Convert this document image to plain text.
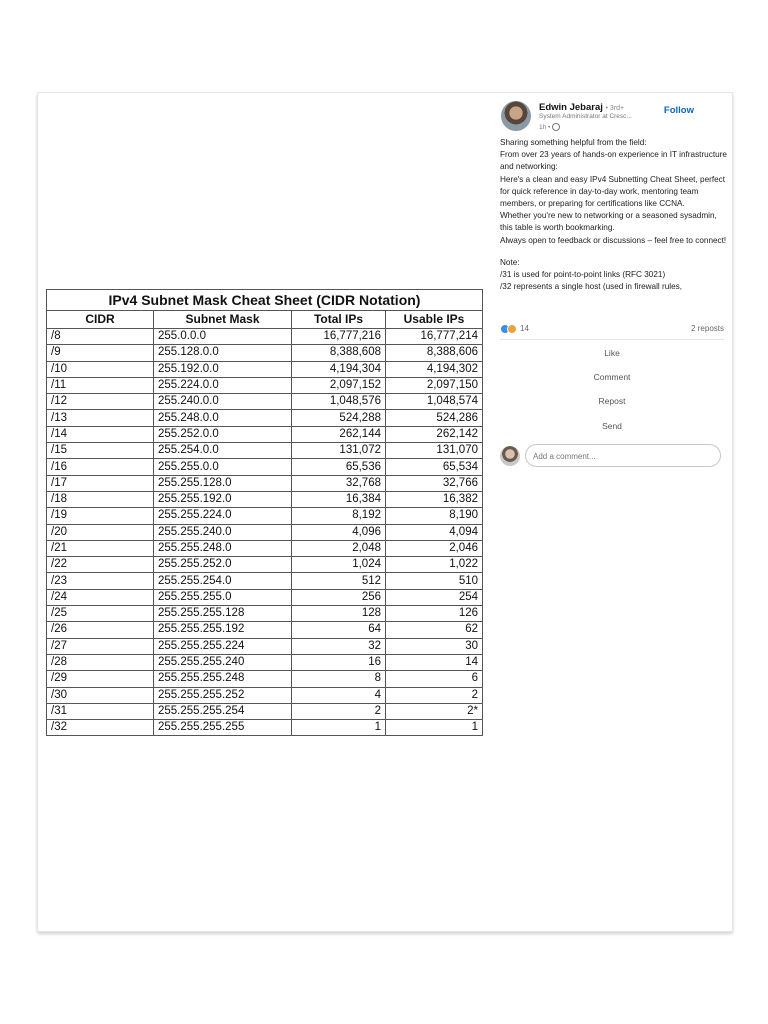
IPv4 Subnet Mask Cheat Sheet (CIDR Notation)			
CIDR	Subnet Mask	Total IPs	Usable IPs
/8	255.0.0.0	16,777,216	16,777,214
/9	255.128.0.0	8,388,608	8,388,606
/10	255.192.0.0	4,194,304	4,194,302
/11	255.224.0.0	2,097,152	2,097,150
/12	255.240.0.0	1,048,576	1,048,574
/13	255.248.0.0	524,288	524,286
/14	255.252.0.0	262,144	262,142
/15	255.254.0.0	131,072	131,070
/16	255.255.0.0	65,536	65,534
/17	255.255.128.0	32,768	32,766
/18	255.255.192.0	16,384	16,382
/19	255.255.224.0	8,192	8,190
/20	255.255.240.0	4,096	4,094
/21	255.255.248.0	2,048	2,046
/22	255.255.252.0	1,024	1,022
/23	255.255.254.0	512	510
/24	255.255.255.0	256	254
/25	255.255.255.128	128	126
/26	255.255.255.192	64	62
/27	255.255.255.224	32	30
/28	255.255.255.240	16	14
/29	255.255.255.248	8	6
/30	255.255.255.252	4	2
/31	255.255.255.254	2	2*
/32	255.255.255.255	1	1
Edwin Jebaraj • 3rd+
System Administrator at Cresc...
1h •
Follow

Sharing something helpful from the field:

From over 23 years of hands-on experience in IT infrastructure and networking:

Here's a clean and easy IPv4 Subnetting Cheat Sheet, perfect for quick reference in day-to-day work, mentoring team members, or preparing for certifications like CCNA.

Whether you're new to networking or a seasoned sysadmin, this table is worth bookmarking.

Always open to feedback or discussions – feel free to connect!

Note:

/31 is used for point-to-point links (RFC 3021)

/32 represents a single host (used in firewall rules,

14	2 reposts
Like
Comment
Repost
Send
Add a comment...
